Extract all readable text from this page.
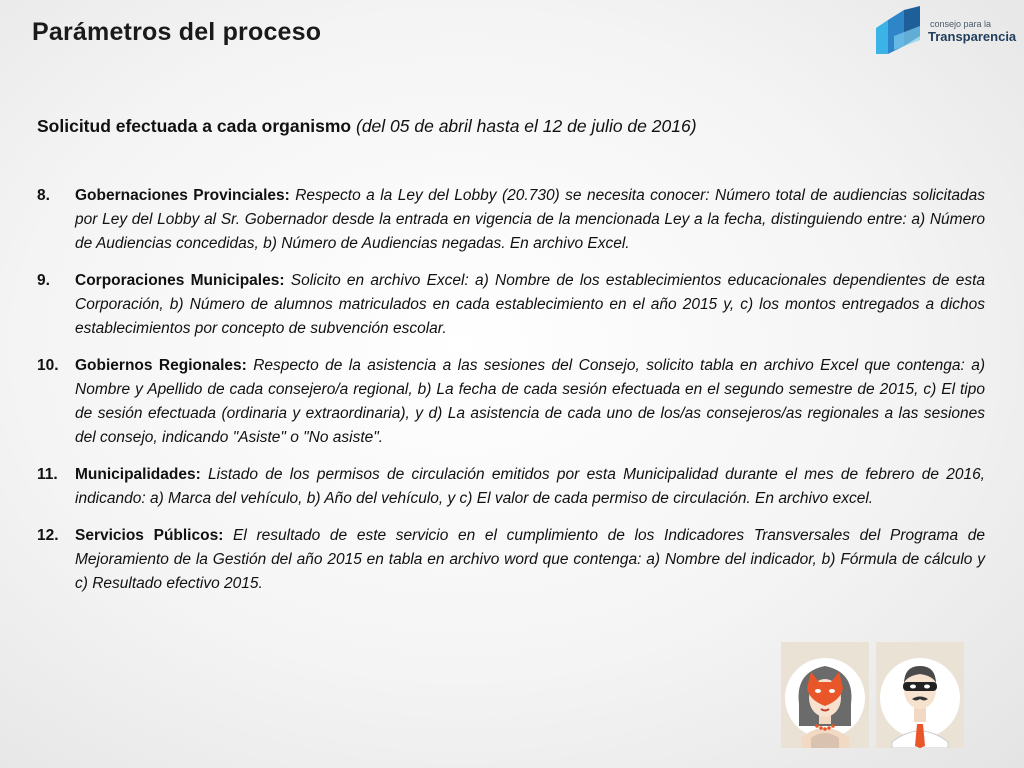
Parámetros del proceso	consejo para la
Transparencia
Solicitud efectuada a cada organismo (del 05 de abril hasta el 12 de julio de 2016)
8. Gobernaciones Provinciales: Respecto a la Ley del Lobby (20.730) se necesita conocer: Número total de audiencias solicitadas por Ley del Lobby al Sr. Gobernador desde la entrada en vigencia de la mencionada Ley a la fecha, distinguiendo entre: a) Número de Audiencias concedidas, b) Número de Audiencias negadas. En archivo Excel.
9. Corporaciones Municipales: Solicito en archivo Excel: a) Nombre de los establecimientos educacionales dependientes de esta Corporación, b) Número de alumnos matriculados en cada establecimiento en el año 2015 y, c) los montos entregados a dichos establecimientos por concepto de subvención escolar.
10. Gobiernos Regionales: Respecto de la asistencia a las sesiones del Consejo, solicito tabla en archivo Excel que contenga: a) Nombre y Apellido de cada consejero/a regional, b) La fecha de cada sesión efectuada en el segundo semestre de 2015, c) El tipo de sesión efectuada (ordinaria y extraordinaria), y d) La asistencia de cada uno de los/as consejeros/as regionales a las sesiones del consejo, indicando "Asiste" o "No asiste".
11. Municipalidades: Listado de los permisos de circulación emitidos por esta Municipalidad durante el mes de febrero de 2016, indicando: a) Marca del vehículo, b) Año del vehículo, y c) El valor de cada permiso de circulación. En archivo excel.
12. Servicios Públicos: El resultado de este servicio en el cumplimiento de los Indicadores Transversales del Programa de Mejoramiento de la Gestión del año 2015 en tabla en archivo word que contenga: a) Nombre del indicador, b) Fórmula de cálculo y c) Resultado efectivo 2015.
